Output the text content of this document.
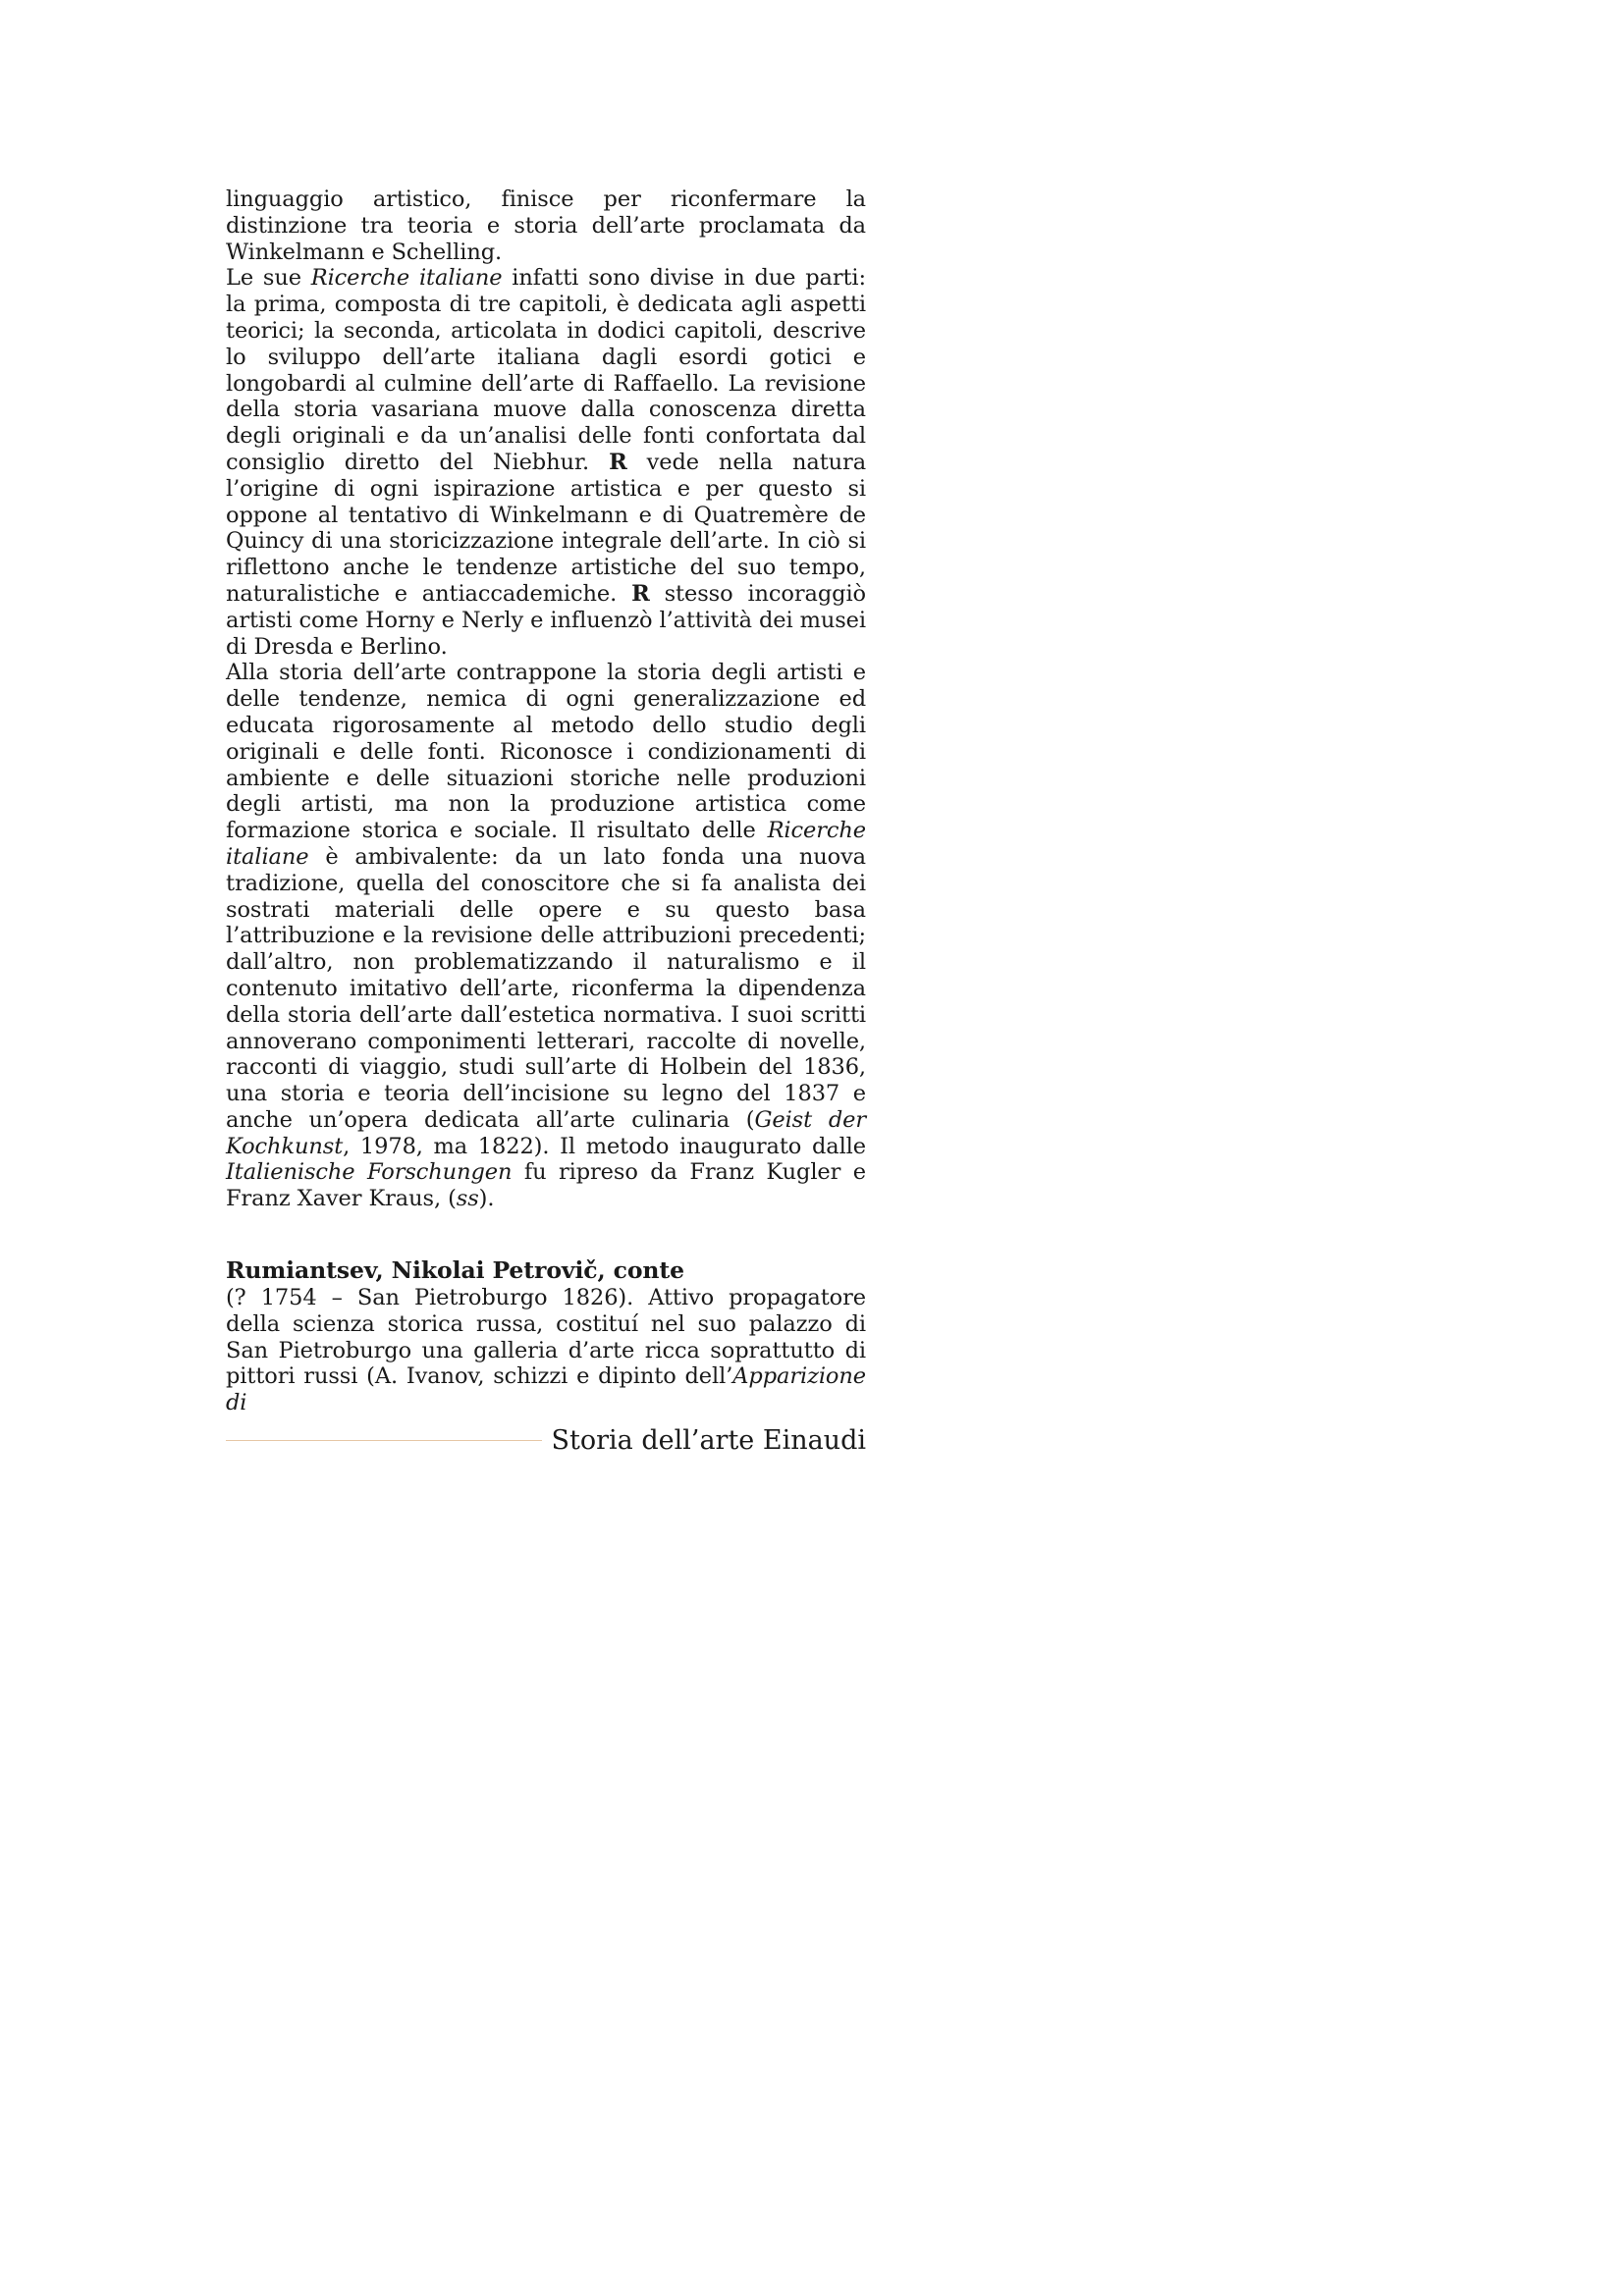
linguaggio artistico, finisce per riconfermare la distinzione tra teoria e storia dell’arte proclamata da Winkelmann e Schelling.

Le sue Ricerche italiane infatti sono divise in due parti: la prima, composta di tre capitoli, è dedicata agli aspetti teorici; la seconda, articolata in dodici capitoli, descrive lo sviluppo dell’arte italiana dagli esordi gotici e longobardi al culmine dell’arte di Raffaello. La revisione della storia vasariana muove dalla conoscenza diretta degli originali e da un’analisi delle fonti confortata dal consiglio diretto del Niebhur. R vede nella natura l’origine di ogni ispirazione artistica e per questo si oppone al tentativo di Winkelmann e di Quatremère de Quincy di una storicizzazione integrale dell’arte. In ciò si riflettono anche le tendenze artistiche del suo tempo, naturalistiche e antiaccademiche. R stesso incoraggiò artisti come Horny e Nerly e influenzò l’attività dei musei di Dresda e Berlino.

Alla storia dell’arte contrappone la storia degli artisti e delle tendenze, nemica di ogni generalizzazione ed educata rigorosamente al metodo dello studio degli originali e delle fonti. Riconosce i condizionamenti di ambiente e delle situazioni storiche nelle produzioni degli artisti, ma non la produzione artistica come formazione storica e sociale. Il risultato delle Ricerche italiane è ambivalente: da un lato fonda una nuova tradizione, quella del conoscitore che si fa analista dei sostrati materiali delle opere e su questo basa l’attribuzione e la revisione delle attribuzioni precedenti; dall’altro, non problematizzando il naturalismo e il contenuto imitativo dell’arte, riconferma la dipendenza della storia dell’arte dall’estetica normativa. I suoi scritti annoverano componimenti letterari, raccolte di novelle, racconti di viaggio, studi sull’arte di Holbein del 1836, una storia e teoria dell’incisione su legno del 1837 e anche un’opera dedicata all’arte culinaria (Geist der Kochkunst, 1978, ma 1822). Il metodo inaugurato dalle Italienische Forschungen fu ripreso da Franz Kugler e Franz Xaver Kraus, (ss).

Rumiantsev, Nikolai Petrovič, conte

(? 1754 – San Pietroburgo 1826). Attivo propagatore della scienza storica russa, costituí nel suo palazzo di San Pietroburgo una galleria d’arte ricca soprattutto di pittori russi (A. Ivanov, schizzi e dipinto dell’Apparizione di

Storia dell’arte Einaudi
